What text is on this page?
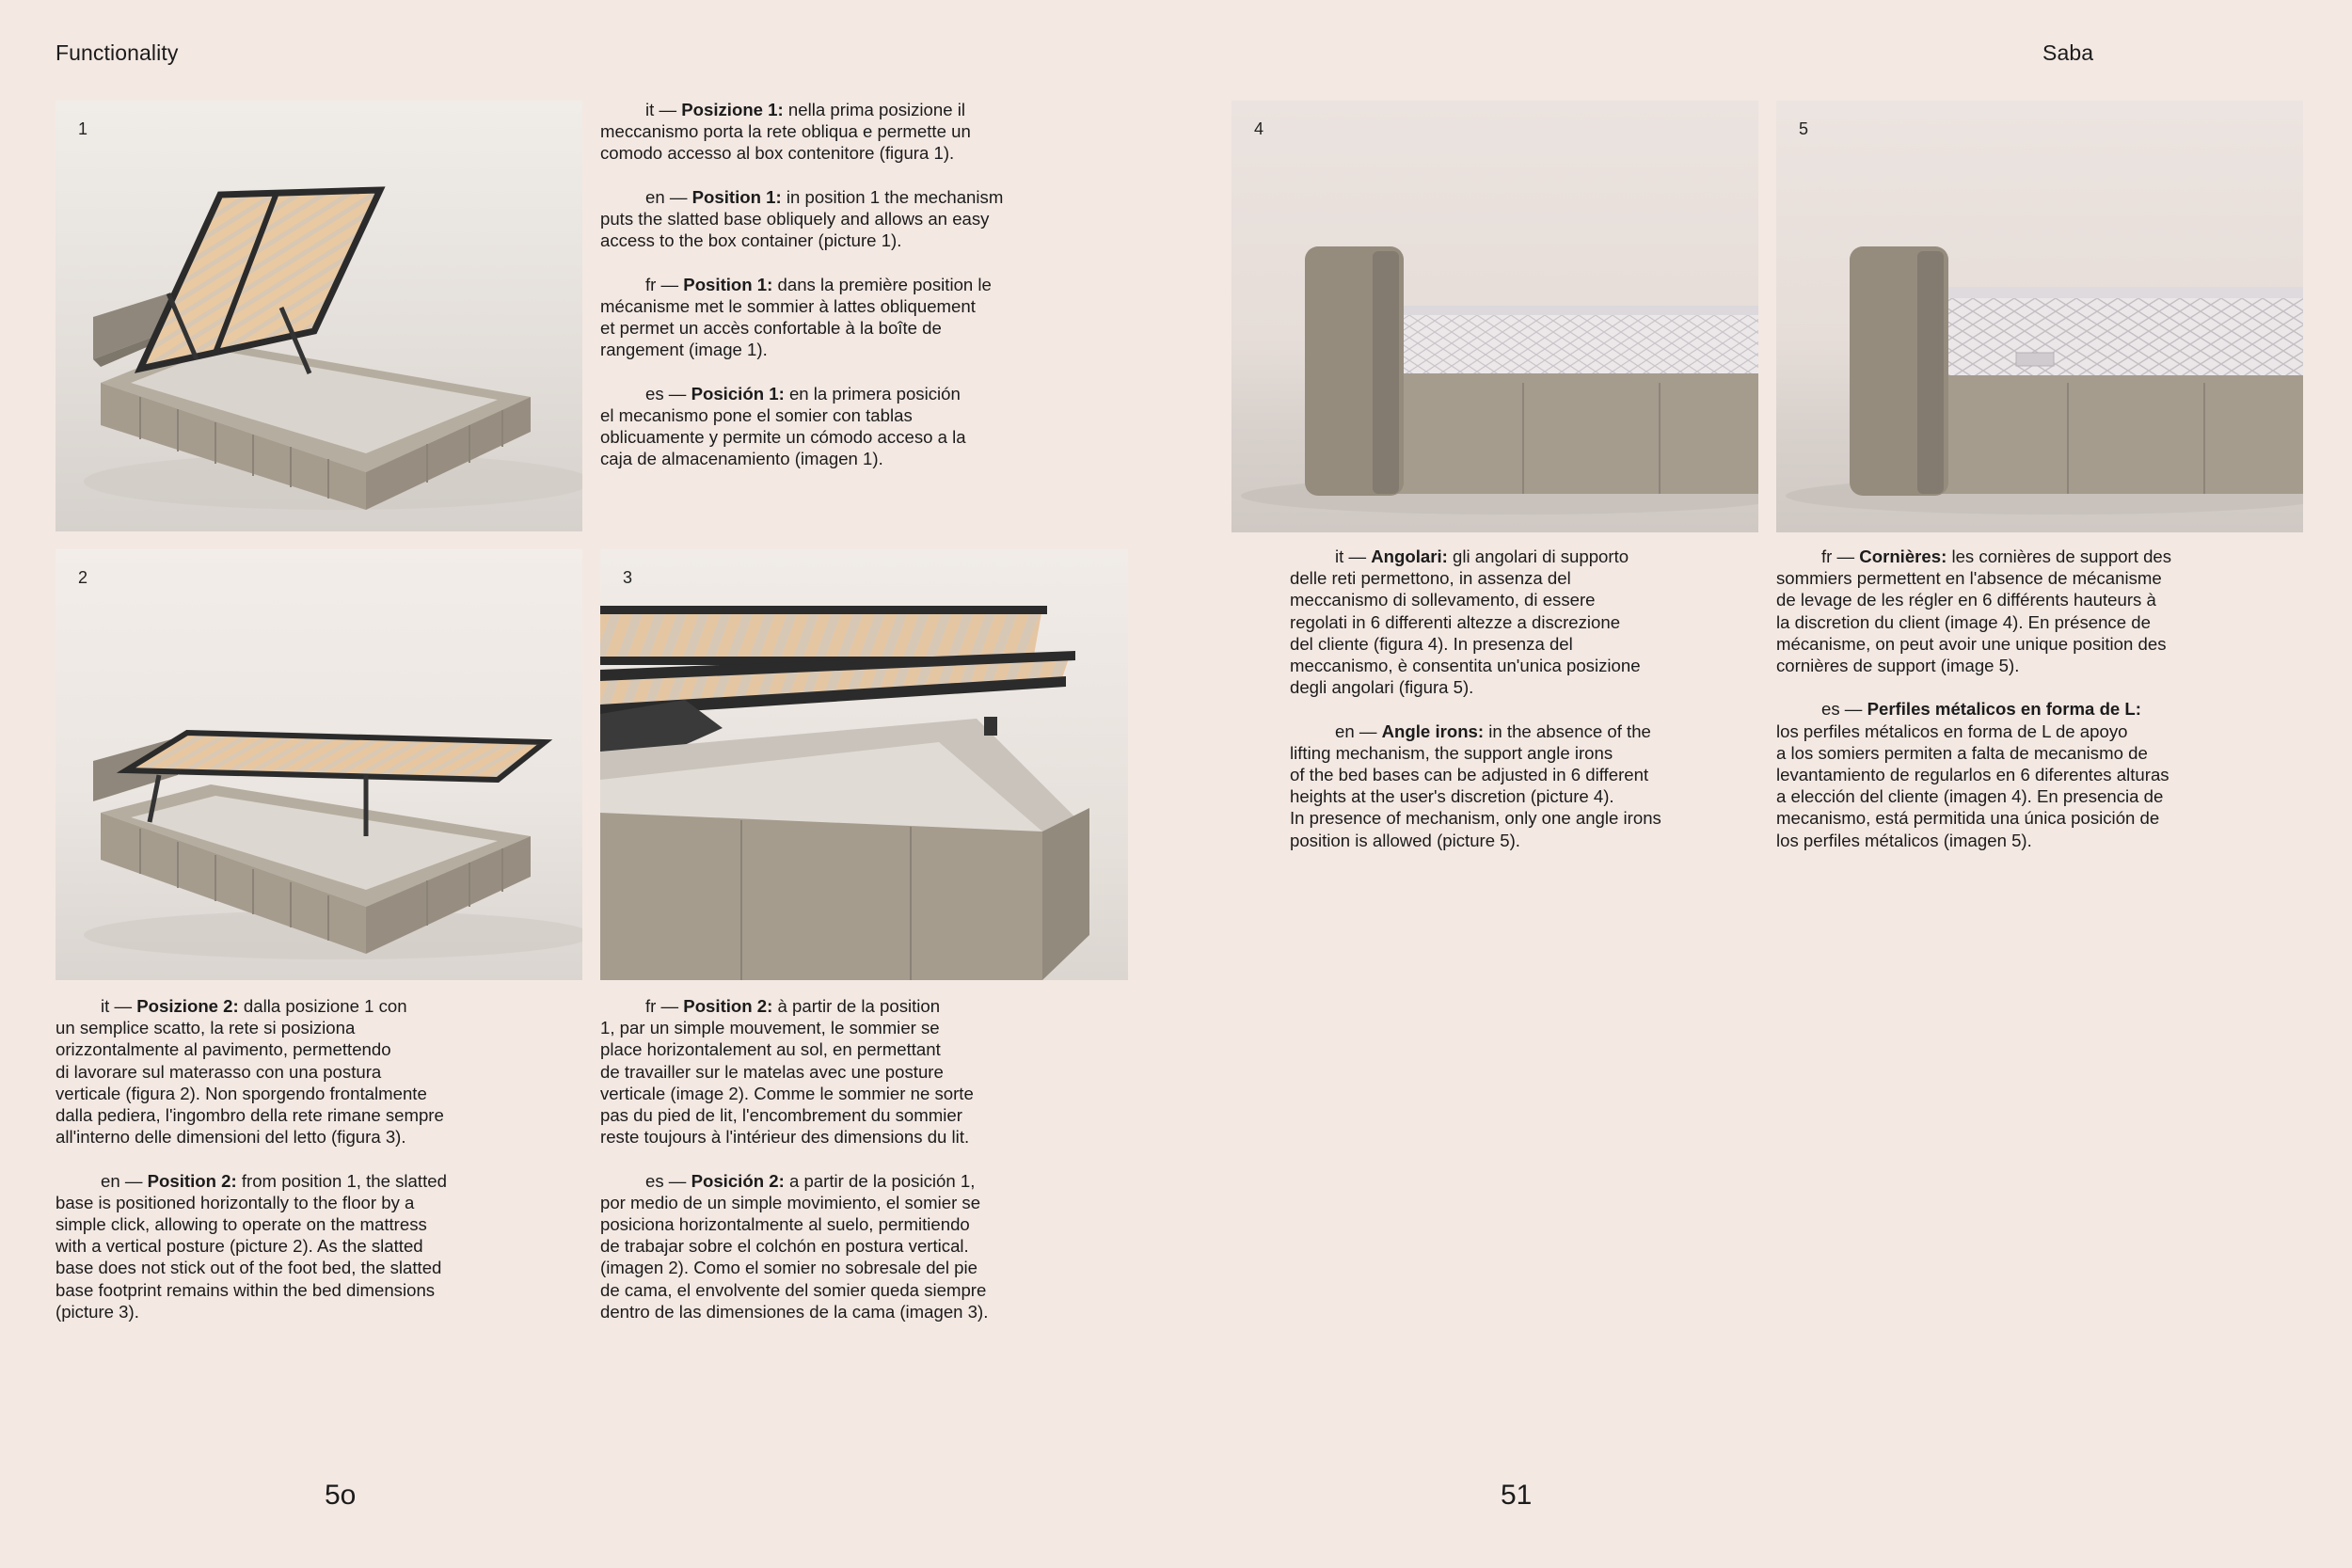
Functionality	Saba
1

it — Posizione 1: nella prima posizione il
meccanismo porta la rete obliqua e permette un
comodo accesso al box contenitore (figura 1).

en — Position 1: in position 1 the mechanism
puts the slatted base obliquely and allows an easy
access to the box container (picture 1).

fr — Position 1: dans la première position le
mécanisme met le sommier à lattes obliquement
et permet un accès confortable à la boîte de
rangement (image 1).

es — Posición 1: en la primera posición
el mecanismo pone el somier con tablas
oblicuamente y permite un cómodo acceso a la
caja de almacenamiento (imagen 1).

2	3

it — Posizione 2: dalla posizione 1 con
un semplice scatto, la rete si posiziona
orizzontalmente al pavimento, permettendo
di lavorare sul materasso con una postura
verticale (figura 2). Non sporgendo frontalmente
dalla pediera, l'ingombro della rete rimane sempre
all'interno delle dimensioni del letto (figura 3).

en — Position 2: from position 1, the slatted
base is positioned horizontally to the floor by a
simple click, allowing to operate on the mattress
with a vertical posture (picture 2). As the slatted
base does not stick out of the foot bed, the slatted
base footprint remains within the bed dimensions
(picture 3).

fr — Position 2: à partir de la position
1, par un simple mouvement, le sommier se
place horizontalement au sol, en permettant
de travailler sur le matelas avec une posture
verticale (image 2). Comme le sommier ne sorte
pas du pied de lit, l'encombrement du sommier
reste toujours à l'intérieur des dimensions du lit.

es — Posición 2: a partir de la posición 1,
por medio de un simple movimiento, el somier se
posiciona horizontalmente al suelo, permitiendo
de trabajar sobre el colchón en postura vertical.
(imagen 2). Como el somier no sobresale del pie
de cama, el envolvente del somier queda siempre
dentro de las dimensiones de la cama (imagen 3).

4	5

it — Angolari: gli angolari di supporto
delle reti permettono, in assenza del
meccanismo di sollevamento, di essere
regolati in 6 differenti altezze a discrezione
del cliente (figura 4). In presenza del
meccanismo, è consentita un'unica posizione
degli angolari (figura 5).

en — Angle irons: in the absence of the
lifting mechanism, the support angle irons
of the bed bases can be adjusted in 6 different
heights at the user's discretion (picture 4).
In presence of mechanism, only one angle irons
position is allowed (picture 5).

fr — Cornières: les cornières de support des
sommiers permettent en l'absence de mécanisme
de levage de les régler en 6 différents hauteurs à
la discretion du client (image 4). En présence de
mécanisme, on peut avoir une unique position des
cornières de support (image 5).

es — Perfiles métalicos en forma de L:
los perfiles métalicos en forma de L de apoyo
a los somiers permiten a falta de mecanismo de
levantamiento de regularlos en 6 diferentes alturas
a elección del cliente (imagen 4). En presencia de
mecanismo, está permitida una única posición de
los perfiles métalicos (imagen 5).

5o	51
